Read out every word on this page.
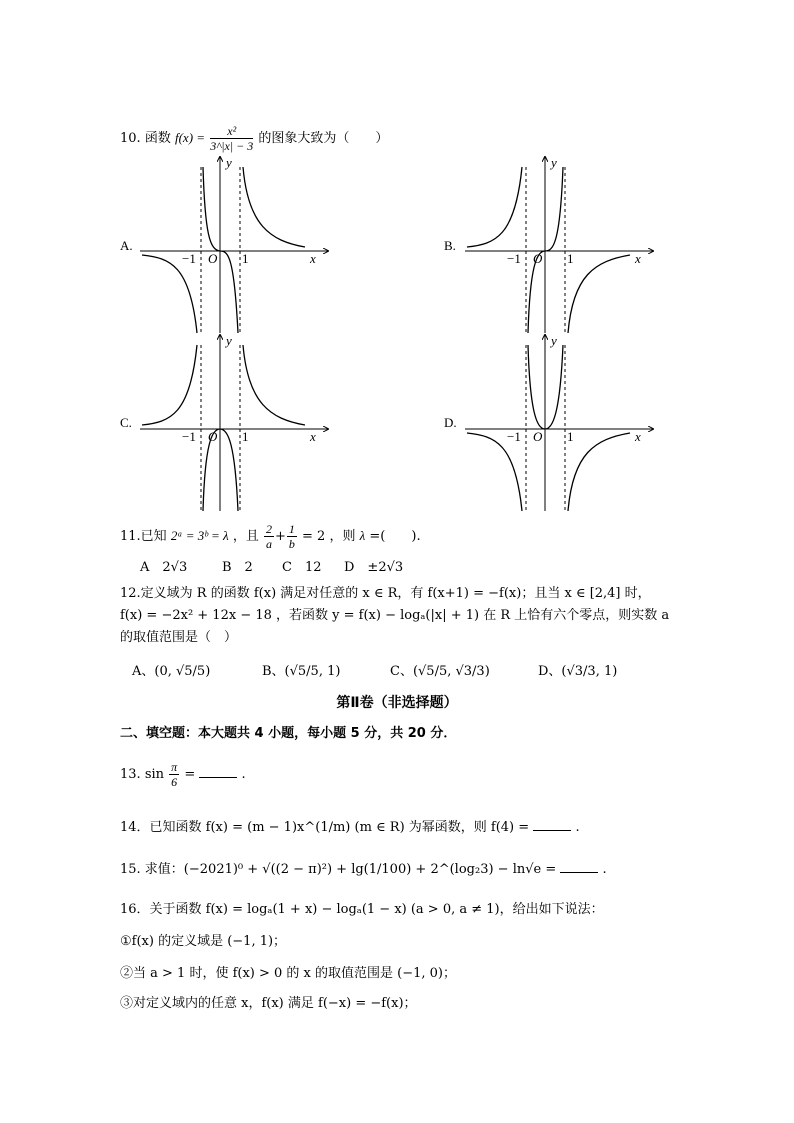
10. 函数 $f(x) = \frac{\text{x²}}{3\^{}|x| - 3}$ 的图象大致为（　　）
A.
y
x
O
−1	1
B.
y
x
O
−1	1
C.
y
x
O
−1	1
D.
y
x
O
−1	1
11.已知 2ᵃ = 3ᵇ = λ ，且 $\frac{2}{a} + \frac{1}{b} = 2$ ，则 λ =(　　).
A　2√3	B　2 C　12 D　±2√3
12.定义域为 R 的函数 f(x) 满足对任意的 x ∈ R，有 f(x+1) = −f(x)；且当 x ∈ [2,4] 时，
f(x) = −2x² + 12x − 18 ，若函数 y = f(x) − logₐ(|x| + 1) 在 R 上恰有六个零点，则实数 a
的取值范围是（　）
A、(0, √5/5)	B、(√5/5, 1)	C、(√5/5, √3/3)	D、(√3/3, 1)
第Ⅱ卷（非选择题）
二、填空题：本大题共 4 小题，每小题 5 分，共 20 分．
13. $\sin \frac{\pi}{6}$ =	.
14．已知函数 f(x) = (m − 1)x^(1/m) (m ∈ R) 为幂函数，则 f(4) =	.
15. 求值：(−2021)⁰ + √((2 − π)²) + lg(1/100) + 2^(log₂3) − ln√e =	.
16．关于函数 f(x) = logₐ(1 + x) − logₐ(1 − x) (a > 0, a ≠ 1)，给出如下说法：
①f(x) 的定义域是 (−1, 1)；
②当 a > 1 时，使 f(x) > 0 的 x 的取值范围是 (−1, 0)；
③对定义域内的任意 x，f(x) 满足 f(−x) = −f(x)；
